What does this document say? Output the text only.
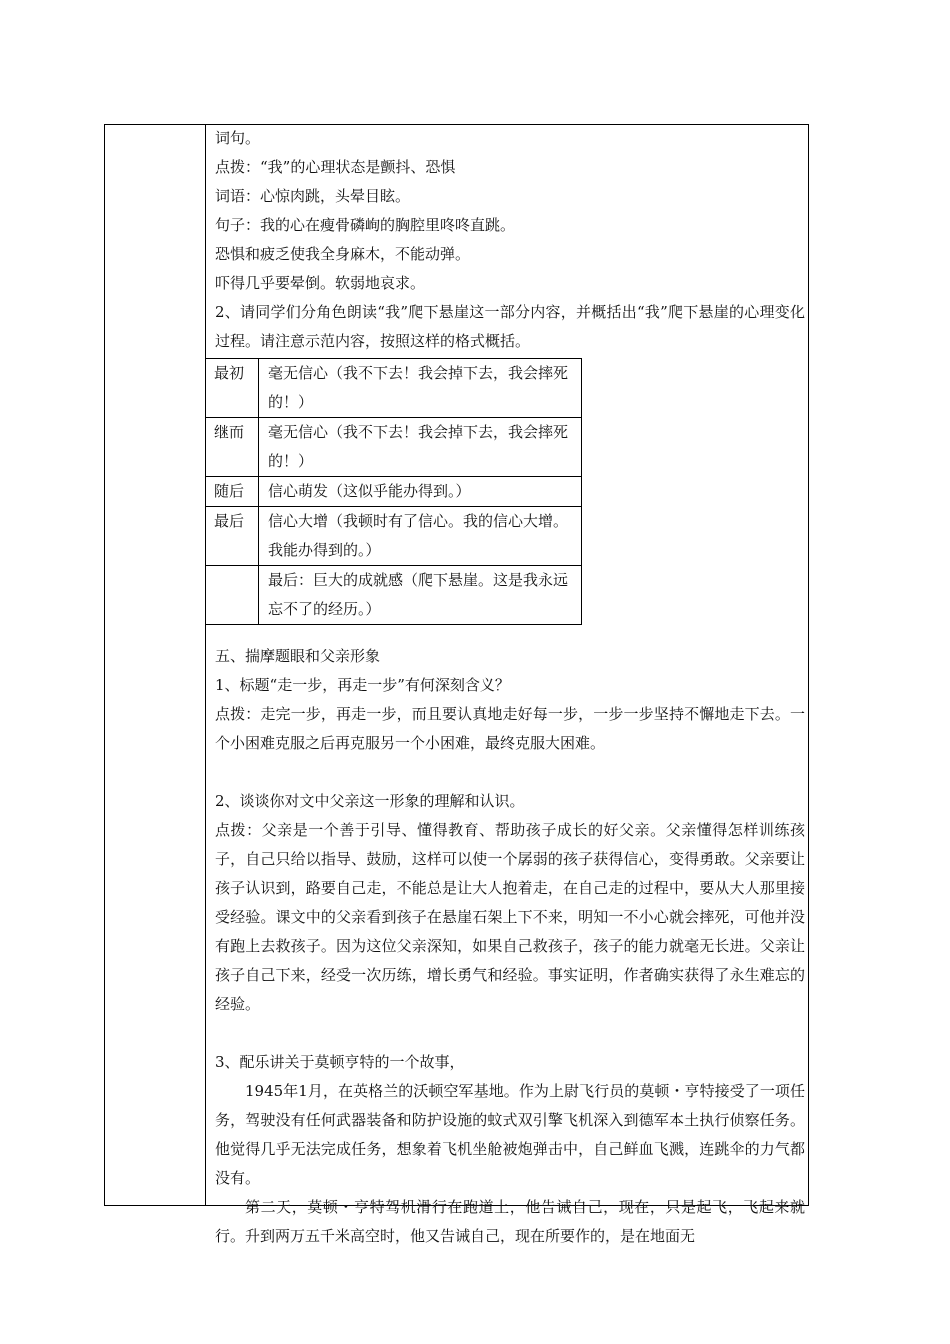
词句。
点拨：“我”的心理状态是颤抖、恐惧
词语：心惊肉跳，头晕目眩。
句子：我的心在瘦骨磷峋的胸腔里咚咚直跳。
恐惧和疲乏使我全身麻木，不能动弹。
吓得几乎要晕倒。软弱地哀求。

2、请同学们分角色朗读“我”爬下悬崖这一部分内容，并概括出“我”爬下悬崖的心理变化过程。请注意示范内容，按照这样的格式概括。

最初	毫无信心（我不下去！我会掉下去，我会摔死的！）
继而	毫无信心（我不下去！我会掉下去，我会摔死的！）
随后	信心萌发（这似乎能办得到。）
最后	信心大增（我顿时有了信心。我的信心大增。我能办得到的。）
	最后：巨大的成就感（爬下悬崖。这是我永远忘不了的经历。）
五、揣摩题眼和父亲形象
1、标题“走一步，再走一步”有何深刻含义？

点拨：走完一步，再走一步，而且要认真地走好每一步，一步一步坚持不懈地走下去。一个小困难克服之后再克服另一个小困难，最终克服大困难。

2、谈谈你对文中父亲这一形象的理解和认识。

点拨：父亲是一个善于引导、懂得教育、帮助孩子成长的好父亲。父亲懂得怎样训练孩子，自己只给以指导、鼓励，这样可以使一个孱弱的孩子获得信心，变得勇敢。父亲要让孩子认识到，路要自己走，不能总是让大人抱着走，在自己走的过程中，要从大人那里接受经验。课文中的父亲看到孩子在悬崖石架上下不来，明知一不小心就会摔死，可他并没有跑上去救孩子。因为这位父亲深知，如果自己救孩子，孩子的能力就毫无长进。父亲让孩子自己下来，经受一次历练，增长勇气和经验。事实证明，作者确实获得了永生难忘的经验。

3、配乐讲关于莫顿亨特的一个故事，

1945年1月，在英格兰的沃顿空军基地。作为上尉飞行员的莫顿・亨特接受了一项任务，驾驶没有任何武器装备和防护设施的蚊式双引擎飞机深入到德军本土执行侦察任务。他觉得几乎无法完成任务，想象着飞机坐舱被炮弹击中，自己鲜血飞溅，连跳伞的力气都没有。

第二天，莫顿・亨特驾机滑行在跑道上，他告诫自己，现在，只是起飞，飞起来就行。升到两万五千米高空时，他又告诫自己，现在所要作的，是在地面无
